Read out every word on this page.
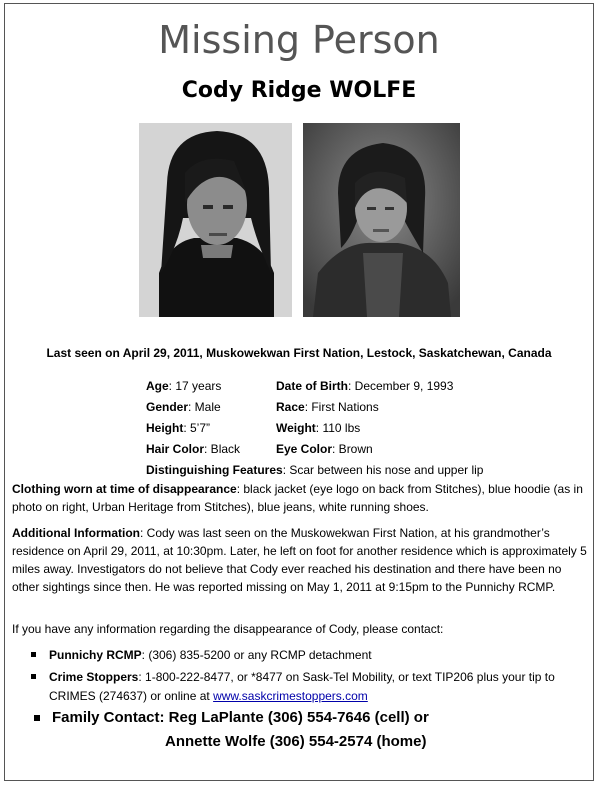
Missing Person
Cody Ridge WOLFE
Last seen on April 29, 2011, Muskowekwan First Nation, Lestock, Saskatchewan, Canada
Age: 17 years	Date of Birth: December 9, 1993
Gender: Male	Race: First Nations
Height: 5’7”	Weight: 110 lbs
Hair Color: Black	Eye Color: Brown
Distinguishing Features: Scar between his nose and upper lip
Clothing worn at time of disappearance: black jacket (eye logo on back from Stitches), blue hoodie (as in photo on right, Urban Heritage from Stitches), blue jeans, white running shoes.
Additional Information: Cody was last seen on the Muskowekwan First Nation, at his grandmother’s residence on April 29, 2011, at 10:30pm. Later, he left on foot for another residence which is approximately 5 miles away. Investigators do not believe that Cody ever reached his destination and there have been no other sightings since then. He was reported missing on May 1, 2011 at 9:15pm to the Punnichy RCMP.
If you have any information regarding the disappearance of Cody, please contact:
Punnichy RCMP: (306) 835-5200 or any RCMP detachment
Crime Stoppers: 1-800-222-8477, or *8477 on Sask-Tel Mobility, or text TIP206 plus your tip to CRIMES (274637) or online at www.saskcrimestoppers.com
Family Contact: Reg LaPlante (306) 554-7646 (cell) or
Annette Wolfe (306) 554-2574 (home)
